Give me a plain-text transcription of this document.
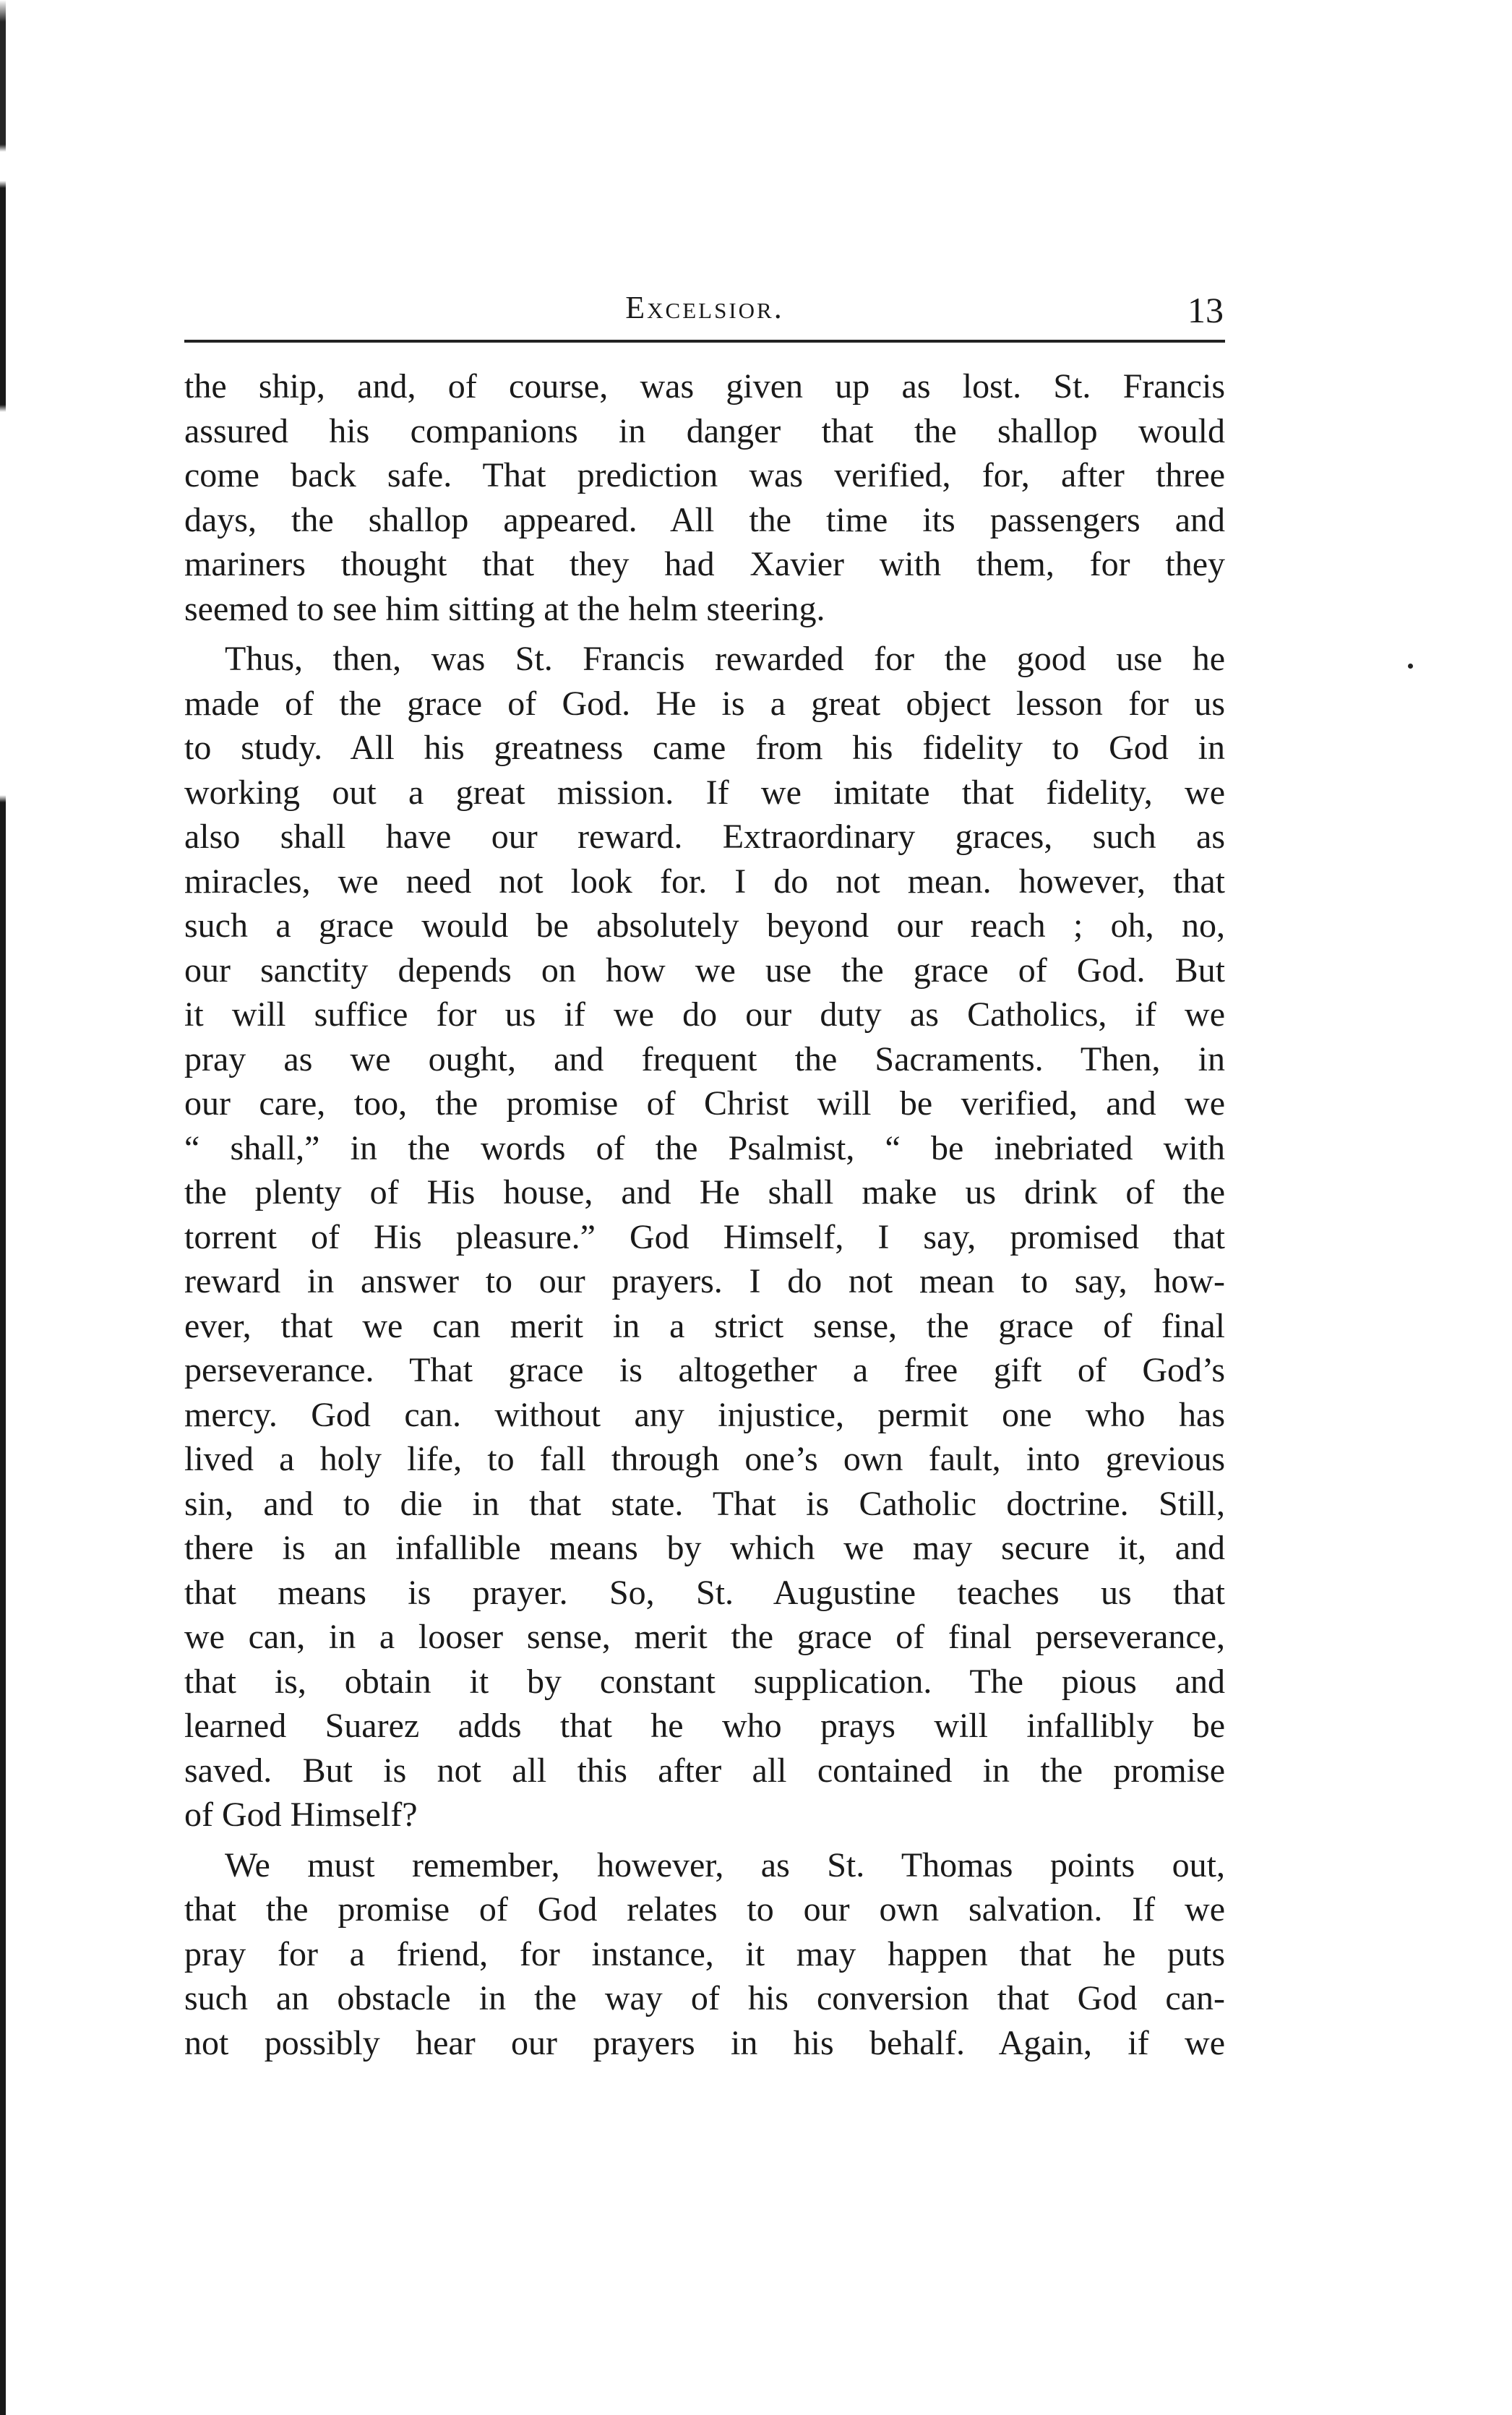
Excelsior.	13
the ship, and, of course, was given up as lost. St. Francis
assured his companions in danger that the shallop would
come back safe. That prediction was verified, for, after three
days, the shallop appeared. All the time its passengers and
mariners thought that they had Xavier with them, for they
seemed to see him sitting at the helm steering.
Thus, then, was St. Francis rewarded for the good use he
made of the grace of God. He is a great object lesson for us
to study. All his greatness came from his fidelity to God in
working out a great mission. If we imitate that fidelity, we
also shall have our reward. Extraordinary graces, such as
miracles, we need not look for. I do not mean. however, that
such a grace would be absolutely beyond our reach ; oh, no,
our sanctity depends on how we use the grace of God. But
it will suffice for us if we do our duty as Catholics, if we
pray as we ought, and frequent the Sacraments. Then, in
our care, too, the promise of Christ will be verified, and we
“ shall,” in the words of the Psalmist, “ be inebriated with
the plenty of His house, and He shall make us drink of the
torrent of His pleasure.” God Himself, I say, promised that
reward in answer to our prayers. I do not mean to say, how-
ever, that we can merit in a strict sense, the grace of final
perseverance. That grace is altogether a free gift of God’s
mercy. God can. without any injustice, permit one who has
lived a holy life, to fall through one’s own fault, into grevious
sin, and to die in that state. That is Catholic doctrine. Still,
there is an infallible means by which we may secure it, and
that means is prayer. So, St. Augustine teaches us that
we can, in a looser sense, merit the grace of final perseverance,
that is, obtain it by constant supplication. The pious and
learned Suarez adds that he who prays will infallibly be
saved. But is not all this after all contained in the promise
of God Himself?
We must remember, however, as St. Thomas points out,
that the promise of God relates to our own salvation. If we
pray for a friend, for instance, it may happen that he puts
such an obstacle in the way of his conversion that God can-
not possibly hear our prayers in his behalf. Again, if we
